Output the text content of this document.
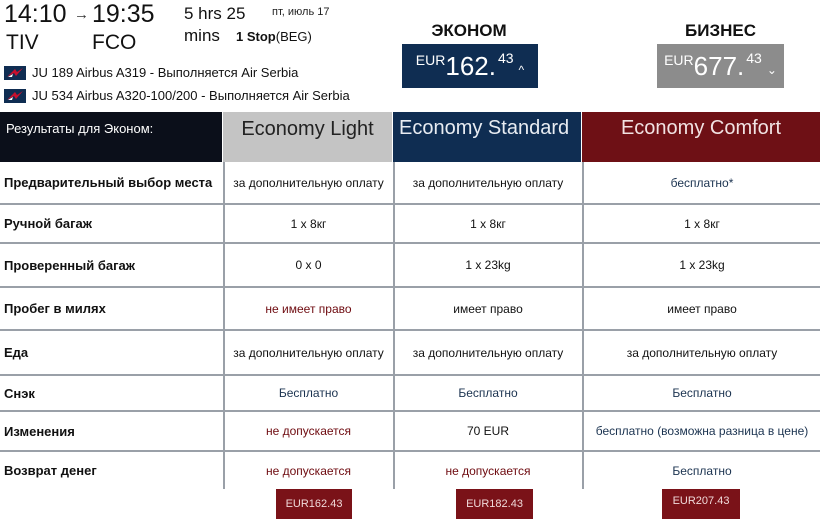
14:10 → 19:35
TIV	FCO
5 hrs 25
mins 1 Stop(BEG)
пт, июль 17
JU 189 Airbus A319 - Выполняется Air Serbia
JU 534 Airbus A320-100/200 - Выполняется Air Serbia
ЭКОНОМ
EUR 162. 43
^
БИЗНЕС
EUR 677. 43
⌄
Результаты для Эконом:	Economy Light	Economy Standard	Economy Comfort
Предварительный выбор места	за дополнительную оплату	за дополнительную оплату	бесплатно*
Ручной багаж	1 x 8кг	1 x 8кг	1 x 8кг
Проверенный багаж	0 x 0	1 x 23kg	1 x 23kg
Пробег в милях	не имеет право	имеет право	имеет право
Еда	за дополнительную оплату	за дополнительную оплату	за дополнительную оплату
Снэк	Бесплатно	Бесплатно	Бесплатно
Изменения	не допускается	70 EUR	бесплатно (возможна разница в цене)
Возврат денег	не допускается	не допускается	Бесплатно
EUR162.43	EUR182.43	EUR207.43
